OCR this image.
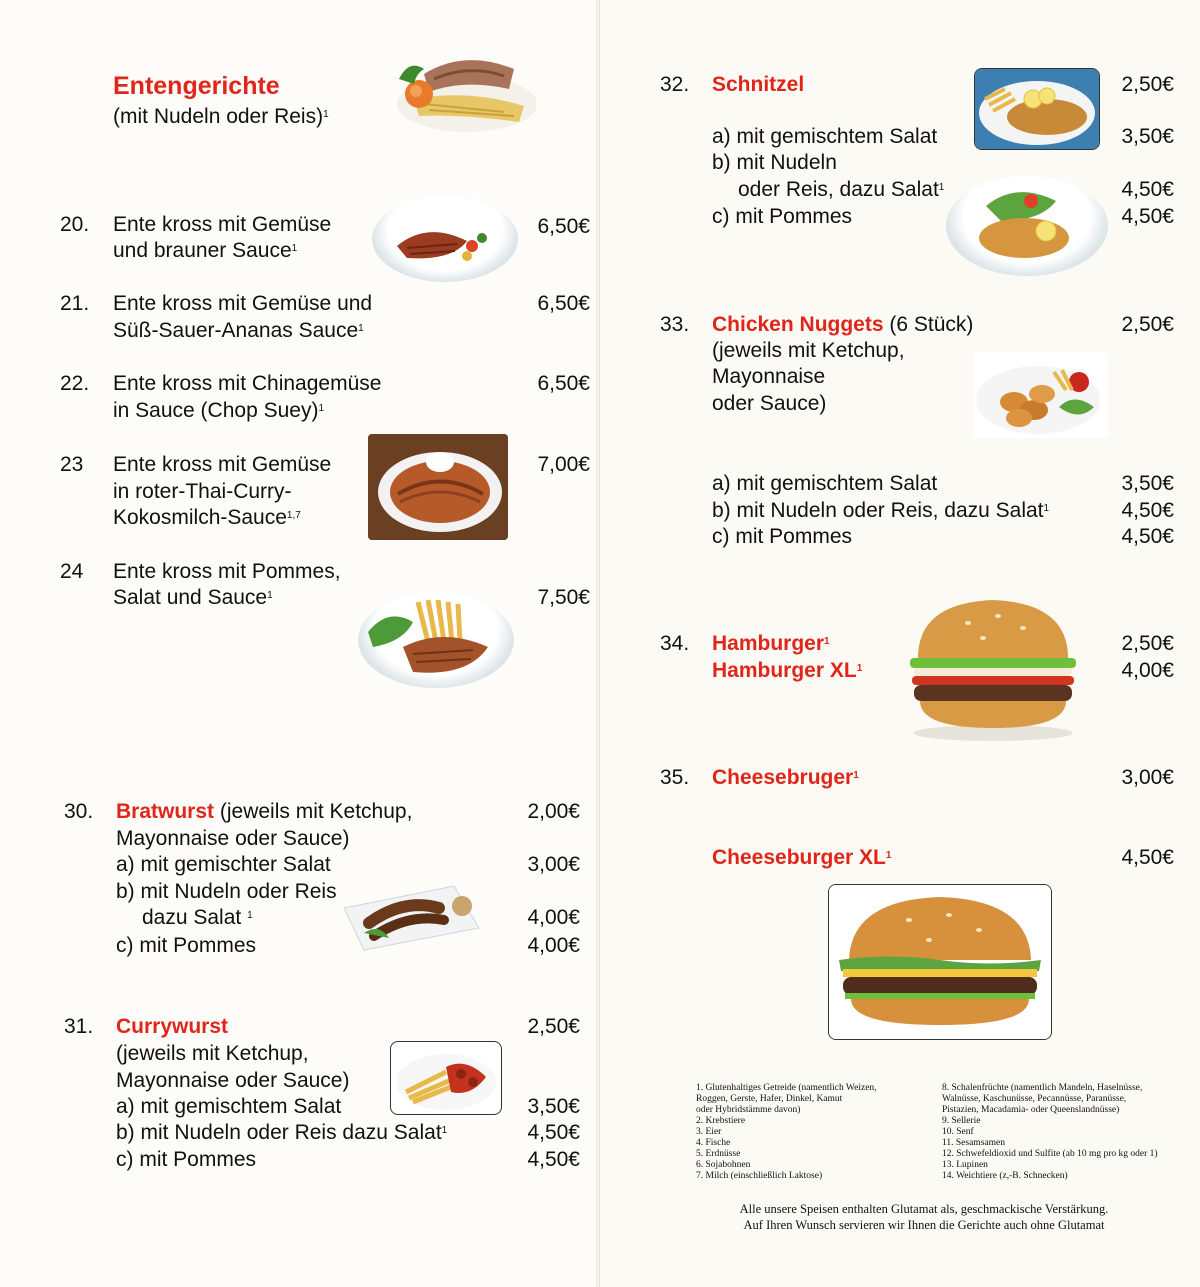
Entengerichte
(mit Nudeln oder Reis)$^1$
20. Ente kross mit Gemüse
und brauner Sauce$^1$
6,50€
21. Ente kross mit Gemüse und
Süß-Sauer-Ananas Sauce$^1$
6,50€
22. Ente kross mit Chinagemüse
in Sauce (Chop Suey)$^1$
6,50€
23 Ente kross mit Gemüse
in roter-Thai-Curry-
Kokosmilch-Sauce$^{1,7}$
7,00€
24 Ente kross mit Pommes,
Salat und Sauce$^1$	7,50€
30. Bratwurst (jeweils mit Ketchup,
Mayonnaise oder Sauce)
2,00€
a) mit gemischter Salat	3,00€
b) mit Nudeln oder Reis
dazu Salat $^1$	4,00€
c) mit Pommes	4,00€
31. Currywurst	2,50€
(jeweils mit Ketchup,
Mayonnaise oder Sauce)
a) mit gemischtem Salat	3,50€
b) mit Nudeln oder Reis dazu Salat$^1$	4,50€
c) mit Pommes	4,50€
32. Schnitzel	2,50€
a) mit gemischtem Salat	3,50€
b) mit Nudeln
oder Reis, dazu Salat$^1$	4,50€
c) mit Pommes	4,50€
33. Chicken Nuggets (6 Stück)	2,50€
(jeweils mit Ketchup,
Mayonnaise
oder Sauce)
a) mit gemischtem Salat	3,50€
b) mit Nudeln oder Reis, dazu Salat$^1$	4,50€
c) mit Pommes	4,50€
34. Hamburger$^1$	2,50€
Hamburger $XL^1$	4,00€
35. Cheesebruger$^1$	3,00€
Cheeseburger $XL^1$	4,50€
1. Glutenhaltiges Getreide (namentlich Weizen,
Roggen, Gerste, Hafer, Dinkel, Kamut
oder Hybridstämme davon)
2. Krebstiere
3. Eier
4. Fische
5. Erdnüsse
6. Sojabohnen
7. Milch (einschließlich Laktose)
8. Schalenfrüchte (namentlich Mandeln, Haselnüsse,
Walnüsse, Kaschunüsse, Pecannüsse, Paranüsse,
Pistazien, Macadamia- oder Queenslandnüsse)
9. Sellerie
10. Senf
11. Sesamsamen
12. Schwefeldioxid und Sulfite (ab 10 mg pro kg oder 1)
13. Lupinen
14. Weichtiere (z,-B. Schnecken)
Alle unsere Speisen enthalten Glutamat als, geschmackische Verstärkung.
Auf Ihren Wunsch servieren wir Ihnen die Gerichte auch ohne Glutamat
